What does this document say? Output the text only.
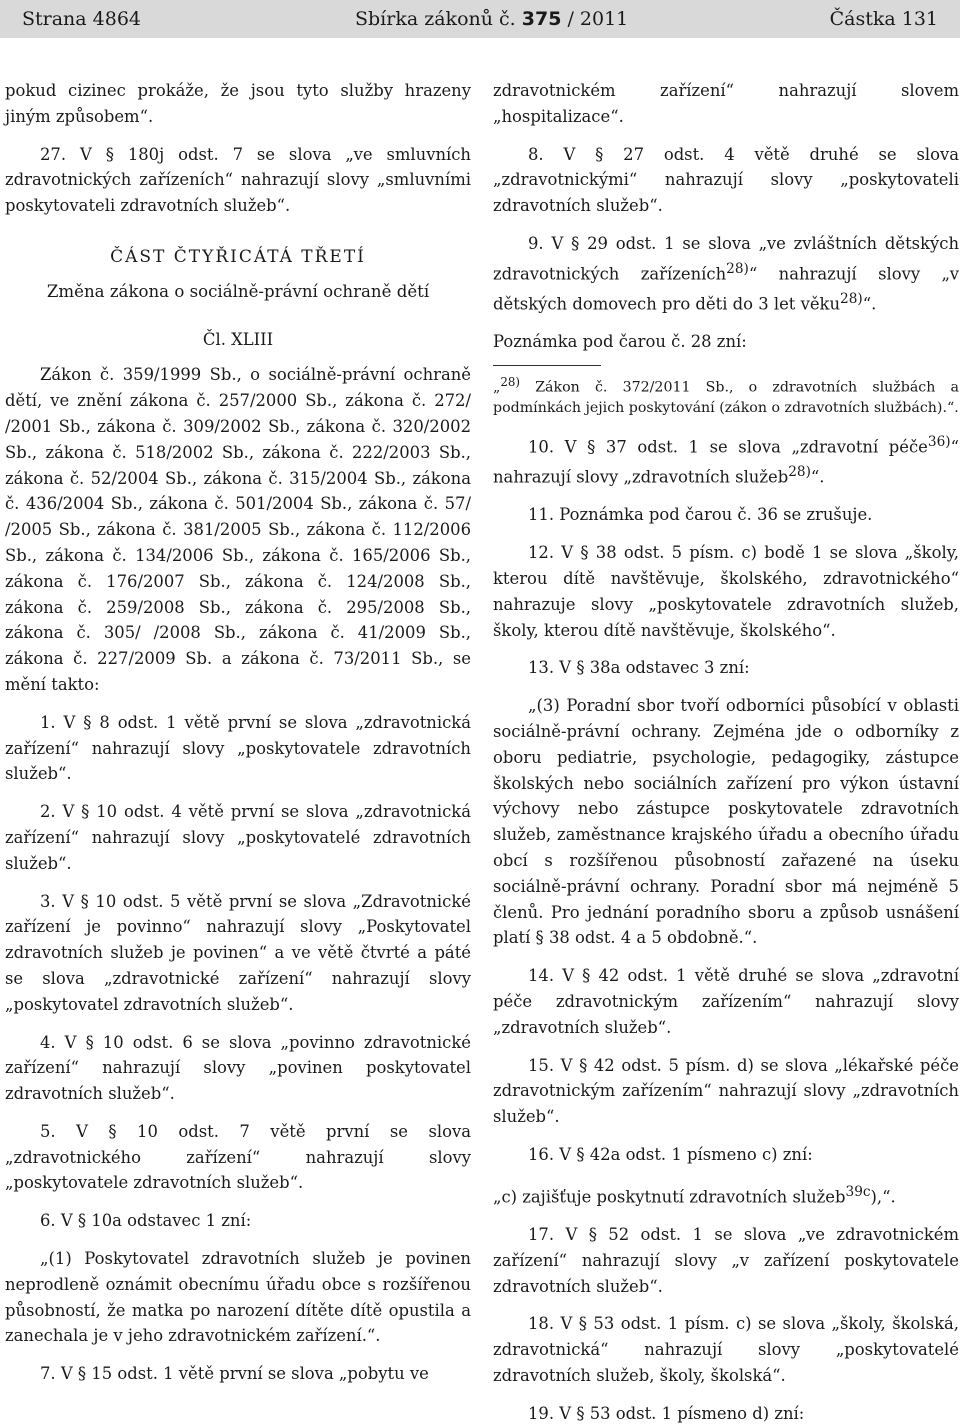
Strana 4864	Sbírka zákonů č. 375 / 2011	Částka 131

pokud cizinec prokáže, že jsou tyto služby hrazeny jiným způsobem“.

27. V § 180j odst. 7 se slova „ve smluvních zdravotnických zařízeních“ nahrazují slovy „smluvními poskytovateli zdravotních služeb“.

ČÁST ČTYŘICÁTÁ TŘETÍ
Změna zákona o sociálně-právní ochraně dětí
Čl. XLIII

Zákon č. 359/1999 Sb., o sociálně-právní ochraně dětí, ve znění zákona č. 257/2000 Sb., zákona č. 272/ /2001 Sb., zákona č. 309/2002 Sb., zákona č. 320/2002 Sb., zákona č. 518/2002 Sb., zákona č. 222/2003 Sb., zákona č. 52/2004 Sb., zákona č. 315/2004 Sb., zákona č. 436/2004 Sb., zákona č. 501/2004 Sb., zákona č. 57/ /2005 Sb., zákona č. 381/2005 Sb., zákona č. 112/2006 Sb., zákona č. 134/2006 Sb., zákona č. 165/2006 Sb., zákona č. 176/2007 Sb., zákona č. 124/2008 Sb., zákona č. 259/2008 Sb., zákona č. 295/2008 Sb., zákona č. 305/ /2008 Sb., zákona č. 41/2009 Sb., zákona č. 227/2009 Sb. a zákona č. 73/2011 Sb., se mění takto:

1. V § 8 odst. 1 větě první se slova „zdravotnická zařízení“ nahrazují slovy „poskytovatele zdravotních služeb“.

2. V § 10 odst. 4 větě první se slova „zdravotnická zařízení“ nahrazují slovy „poskytovatelé zdravotních služeb“.

3. V § 10 odst. 5 větě první se slova „Zdravotnické zařízení je povinno“ nahrazují slovy „Poskytovatel zdravotních služeb je povinen“ a ve větě čtvrté a páté se slova „zdravotnické zařízení“ nahrazují slovy „poskytovatel zdravotních služeb“.

4. V § 10 odst. 6 se slova „povinno zdravotnické zařízení“ nahrazují slovy „povinen poskytovatel zdravotních služeb“.

5. V § 10 odst. 7 větě první se slova „zdravotnického zařízení“ nahrazují slovy „poskytovatele zdravotních služeb“.

6. V § 10a odstavec 1 zní:

„(1) Poskytovatel zdravotních služeb je povinen neprodleně oznámit obecnímu úřadu obce s rozšířenou působností, že matka po narození dítěte dítě opustila a zanechala je v jeho zdravotnickém zařízení.“.

7. V § 15 odst. 1 větě první se slova „pobytu ve

zdravotnickém zařízení“ nahrazují slovem „hospitalizace“.

8. V § 27 odst. 4 větě druhé se slova „zdravotnickými“ nahrazují slovy „poskytovateli zdravotních služeb“.

9. V § 29 odst. 1 se slova „ve zvláštních dětských zdravotnických zařízeních$^{28)}$“ nahrazují slovy „v dětských domovech pro děti do 3 let věku$^{28)}$“.

Poznámka pod čarou č. 28 zní:

„$^{28)}$ Zákon č. 372/2011 Sb., o zdravotních službách a podmínkách jejich poskytování (zákon o zdravotních službách).“.

10. V § 37 odst. 1 se slova „zdravotní péče$^{36)}$“ nahrazují slovy „zdravotních služeb$^{28)}$“.

11. Poznámka pod čarou č. 36 se zrušuje.

12. V § 38 odst. 5 písm. c) bodě 1 se slova „školy, kterou dítě navštěvuje, školského, zdravotnického“ nahrazuje slovy „poskytovatele zdravotních služeb, školy, kterou dítě navštěvuje, školského“.

13. V § 38a odstavec 3 zní:

„(3) Poradní sbor tvoří odborníci působící v oblasti sociálně-právní ochrany. Zejména jde o odborníky z oboru pediatrie, psychologie, pedagogiky, zástupce školských nebo sociálních zařízení pro výkon ústavní výchovy nebo zástupce poskytovatele zdravotních služeb, zaměstnance krajského úřadu a obecního úřadu obcí s rozšířenou působností zařazené na úseku sociálně-právní ochrany. Poradní sbor má nejméně 5 členů. Pro jednání poradního sboru a způsob usnášení platí § 38 odst. 4 a 5 obdobně.“.

14. V § 42 odst. 1 větě druhé se slova „zdravotní péče zdravotnickým zařízením“ nahrazují slovy „zdravotních služeb“.

15. V § 42 odst. 5 písm. d) se slova „lékařské péče zdravotnickým zařízením“ nahrazují slovy „zdravotních služeb“.

16. V § 42a odst. 1 písmeno c) zní:

„c) zajišťuje poskytnutí zdravotních služeb$^{39c}$),“.

17. V § 52 odst. 1 se slova „ve zdravotnickém zařízení“ nahrazují slovy „v zařízení poskytovatele zdravotních služeb“.

18. V § 53 odst. 1 písm. c) se slova „školy, školská, zdravotnická“ nahrazují slovy „poskytovatelé zdravotních služeb, školy, školská“.

19. V § 53 odst. 1 písmeno d) zní:
